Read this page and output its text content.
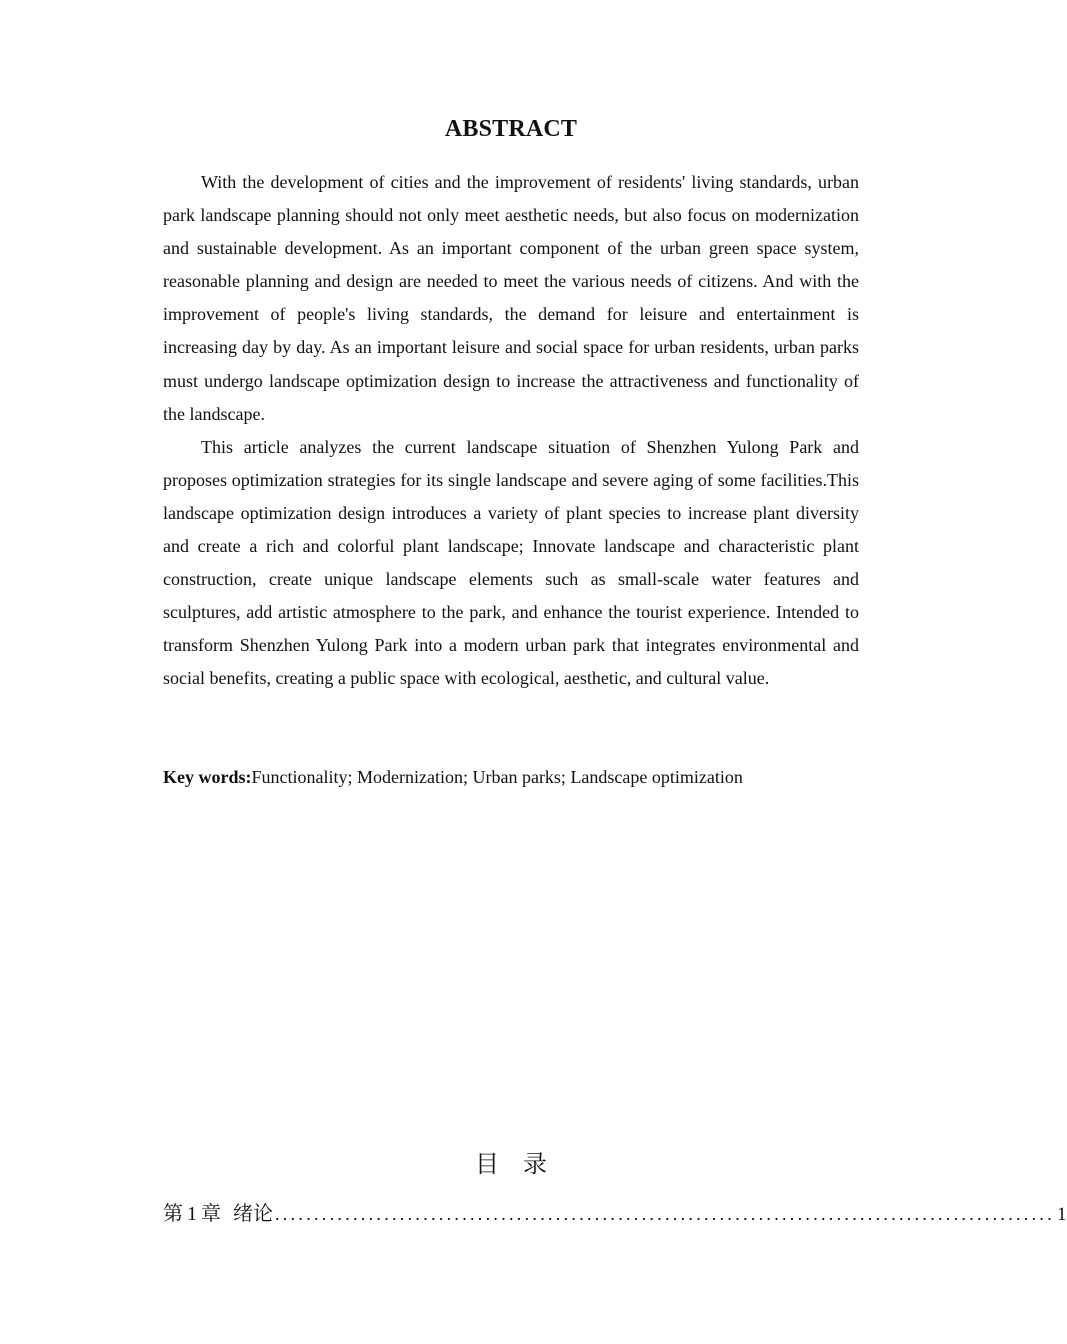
ABSTRACT

With the development of cities and the improvement of residents' living standards, urban park landscape planning should not only meet aesthetic needs, but also focus on modernization and sustainable development. As an important component of the urban green space system, reasonable planning and design are needed to meet the various needs of citizens. And with the improvement of people's living standards, the demand for leisure and entertainment is increasing day by day. As an important leisure and social space for urban residents, urban parks must undergo landscape optimization design to increase the attractiveness and functionality of the landscape.

This article analyzes the current landscape situation of Shenzhen Yulong Park and proposes optimization strategies for its single landscape and severe aging of some facilities.This landscape optimization design introduces a variety of plant species to increase plant diversity and create a rich and colorful plant landscape; Innovate landscape and characteristic plant construction, create unique landscape elements such as small-scale water features and sculptures, add artistic atmosphere to the park, and enhance the tourist experience. Intended to transform Shenzhen Yulong Park into a modern urban park that integrates environmental and social benefits, creating a public space with ecological, aesthetic, and cultural value.

Key words:Functionality; Modernization; Urban parks; Landscape optimization
目 录
第 1 章 绪论 .................................................................................................... 1
